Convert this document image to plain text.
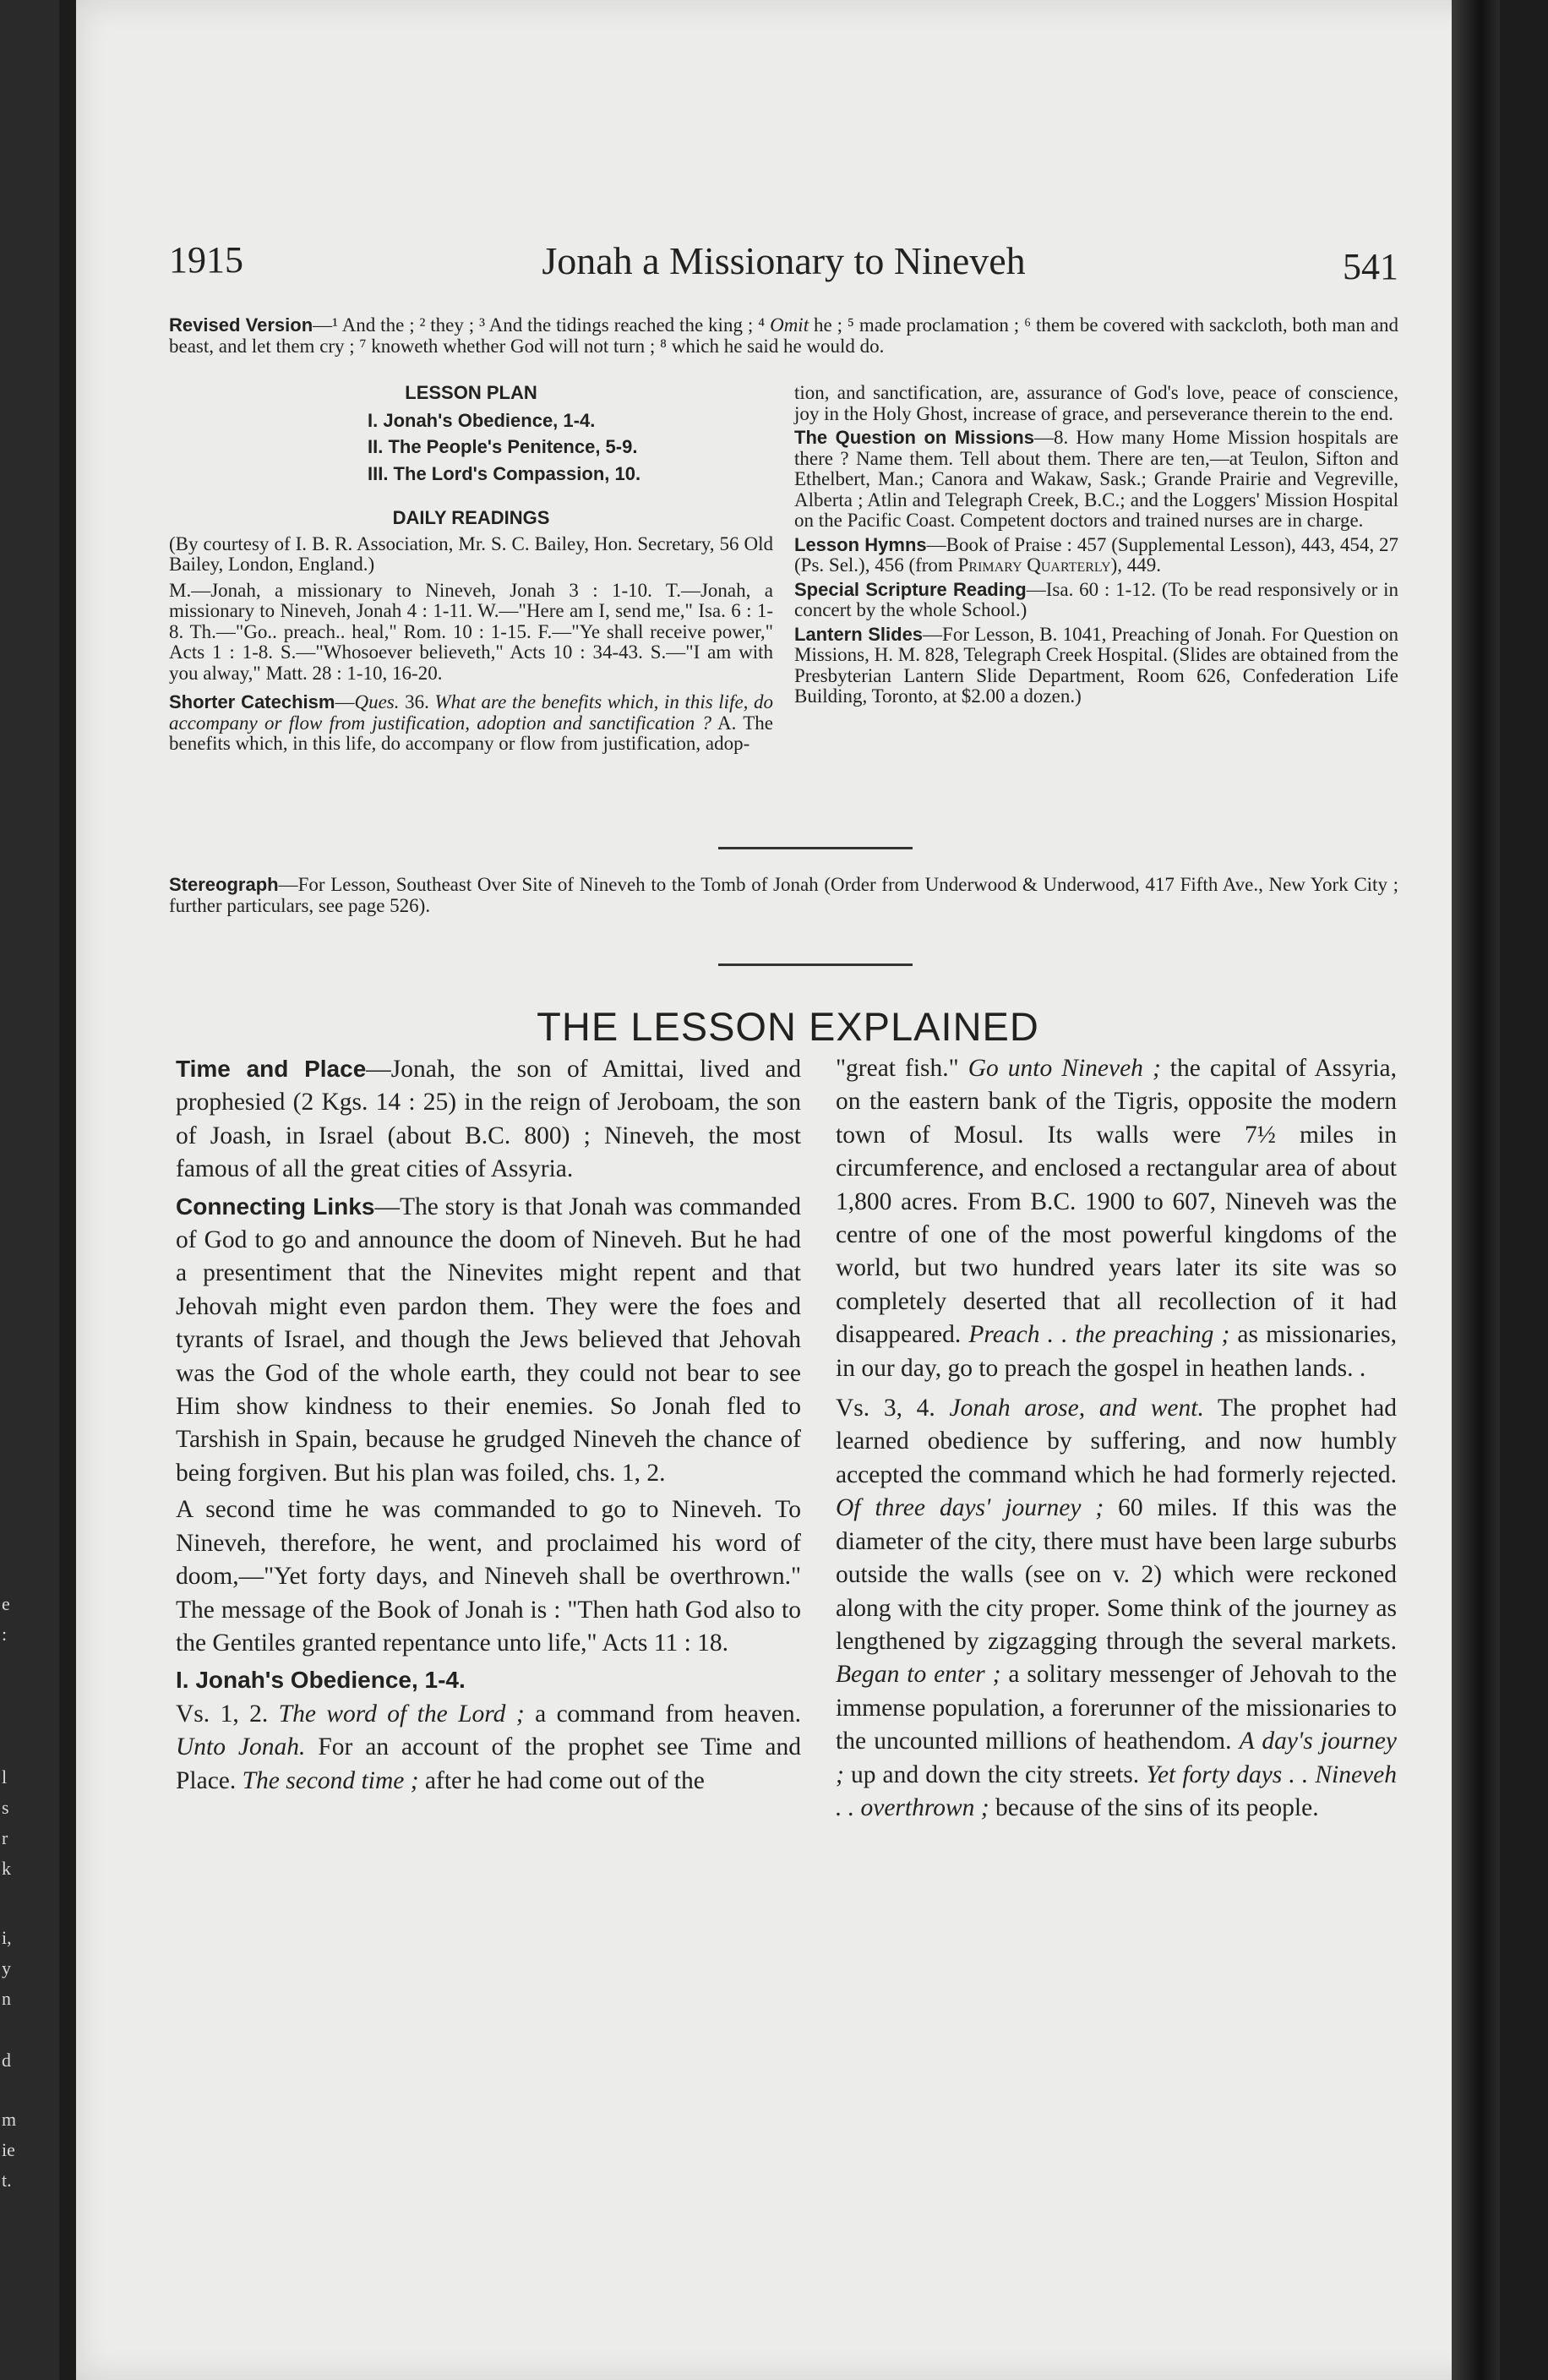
e
:
l
s
r
k
i,
y
n
d
m
ie
t.
1915	Jonah a Missionary to Nineveh	541
Revised Version—¹ And the ; ² they ; ³ And the tidings reached the king ; ⁴ Omit he ; ⁵ made proclamation ; ⁶ them be covered with sackcloth, both man and beast, and let them cry ; ⁷ knoweth whether God will not turn ; ⁸ which he said he would do.
LESSON PLAN
I. Jonah's Obedience, 1-4.
II. The People's Penitence, 5-9.
III. The Lord's Compassion, 10.
DAILY READINGS
(By courtesy of I. B. R. Association, Mr. S. C. Bailey, Hon. Secretary, 56 Old Bailey, London, England.)
M.—Jonah, a missionary to Nineveh, Jonah 3 : 1-10. T.—Jonah, a missionary to Nineveh, Jonah 4 : 1-11. W.—"Here am I, send me," Isa. 6 : 1-8. Th.—"Go.. preach.. heal," Rom. 10 : 1-15. F.—"Ye shall receive power," Acts 1 : 1-8. S.—"Whosoever believeth," Acts 10 : 34-43. S.—"I am with you alway," Matt. 28 : 1-10, 16-20.
Shorter Catechism—Ques. 36. What are the benefits which, in this life, do accompany or flow from justification, adoption and sanctification ? A. The benefits which, in this life, do accompany or flow from justification, adop-
tion, and sanctification, are, assurance of God's love, peace of conscience, joy in the Holy Ghost, increase of grace, and perseverance therein to the end.
The Question on Missions—8. How many Home Mission hospitals are there ? Name them. Tell about them. There are ten,—at Teulon, Sifton and Ethelbert, Man.; Canora and Wakaw, Sask.; Grande Prairie and Vegreville, Alberta ; Atlin and Telegraph Creek, B.C.; and the Loggers' Mission Hospital on the Pacific Coast. Competent doctors and trained nurses are in charge.
Lesson Hymns—Book of Praise : 457 (Supplemental Lesson), 443, 454, 27 (Ps. Sel.), 456 (from Primary Quarterly), 449.
Special Scripture Reading—Isa. 60 : 1-12. (To be read responsively or in concert by the whole School.)
Lantern Slides—For Lesson, B. 1041, Preaching of Jonah. For Question on Missions, H. M. 828, Telegraph Creek Hospital. (Slides are obtained from the Presbyterian Lantern Slide Department, Room 626, Confederation Life Building, Toronto, at $2.00 a dozen.)
Stereograph—For Lesson, Southeast Over Site of Nineveh to the Tomb of Jonah (Order from Underwood & Underwood, 417 Fifth Ave., New York City ; further particulars, see page 526).
THE LESSON EXPLAINED

Time and Place—Jonah, the son of Amittai, lived and prophesied (2 Kgs. 14 : 25) in the reign of Jeroboam, the son of Joash, in Israel (about B.C. 800) ; Nineveh, the most famous of all the great cities of Assyria.

Connecting Links—The story is that Jonah was commanded of God to go and announce the doom of Nineveh. But he had a presentiment that the Ninevites might repent and that Jehovah might even pardon them. They were the foes and tyrants of Israel, and though the Jews believed that Jehovah was the God of the whole earth, they could not bear to see Him show kindness to their enemies. So Jonah fled to Tarshish in Spain, because he grudged Nineveh the chance of being forgiven. But his plan was foiled, chs. 1, 2.

A second time he was commanded to go to Nineveh. To Nineveh, therefore, he went, and proclaimed his word of doom,—"Yet forty days, and Nineveh shall be overthrown." The message of the Book of Jonah is : "Then hath God also to the Gentiles granted repentance unto life," Acts 11 : 18.

I. Jonah's Obedience, 1-4.

Vs. 1, 2. The word of the Lord ; a command from heaven. Unto Jonah. For an account of the prophet see Time and Place. The second time ; after he had come out of the

"great fish." Go unto Nineveh ; the capital of Assyria, on the eastern bank of the Tigris, opposite the modern town of Mosul. Its walls were 7½ miles in circumference, and enclosed a rectangular area of about 1,800 acres. From B.C. 1900 to 607, Nineveh was the centre of one of the most powerful kingdoms of the world, but two hundred years later its site was so completely deserted that all recollection of it had disappeared. Preach . . the preaching ; as missionaries, in our day, go to preach the gospel in heathen lands. .

Vs. 3, 4. Jonah arose, and went. The prophet had learned obedience by suffering, and now humbly accepted the command which he had formerly rejected. Of three days' journey ; 60 miles. If this was the diameter of the city, there must have been large suburbs outside the walls (see on v. 2) which were reckoned along with the city proper. Some think of the journey as lengthened by zigzagging through the several markets. Began to enter ; a solitary messenger of Jehovah to the immense population, a forerunner of the missionaries to the uncounted millions of heathendom. A day's journey ; up and down the city streets. Yet forty days . . Nineveh . . overthrown ; because of the sins of its people.
